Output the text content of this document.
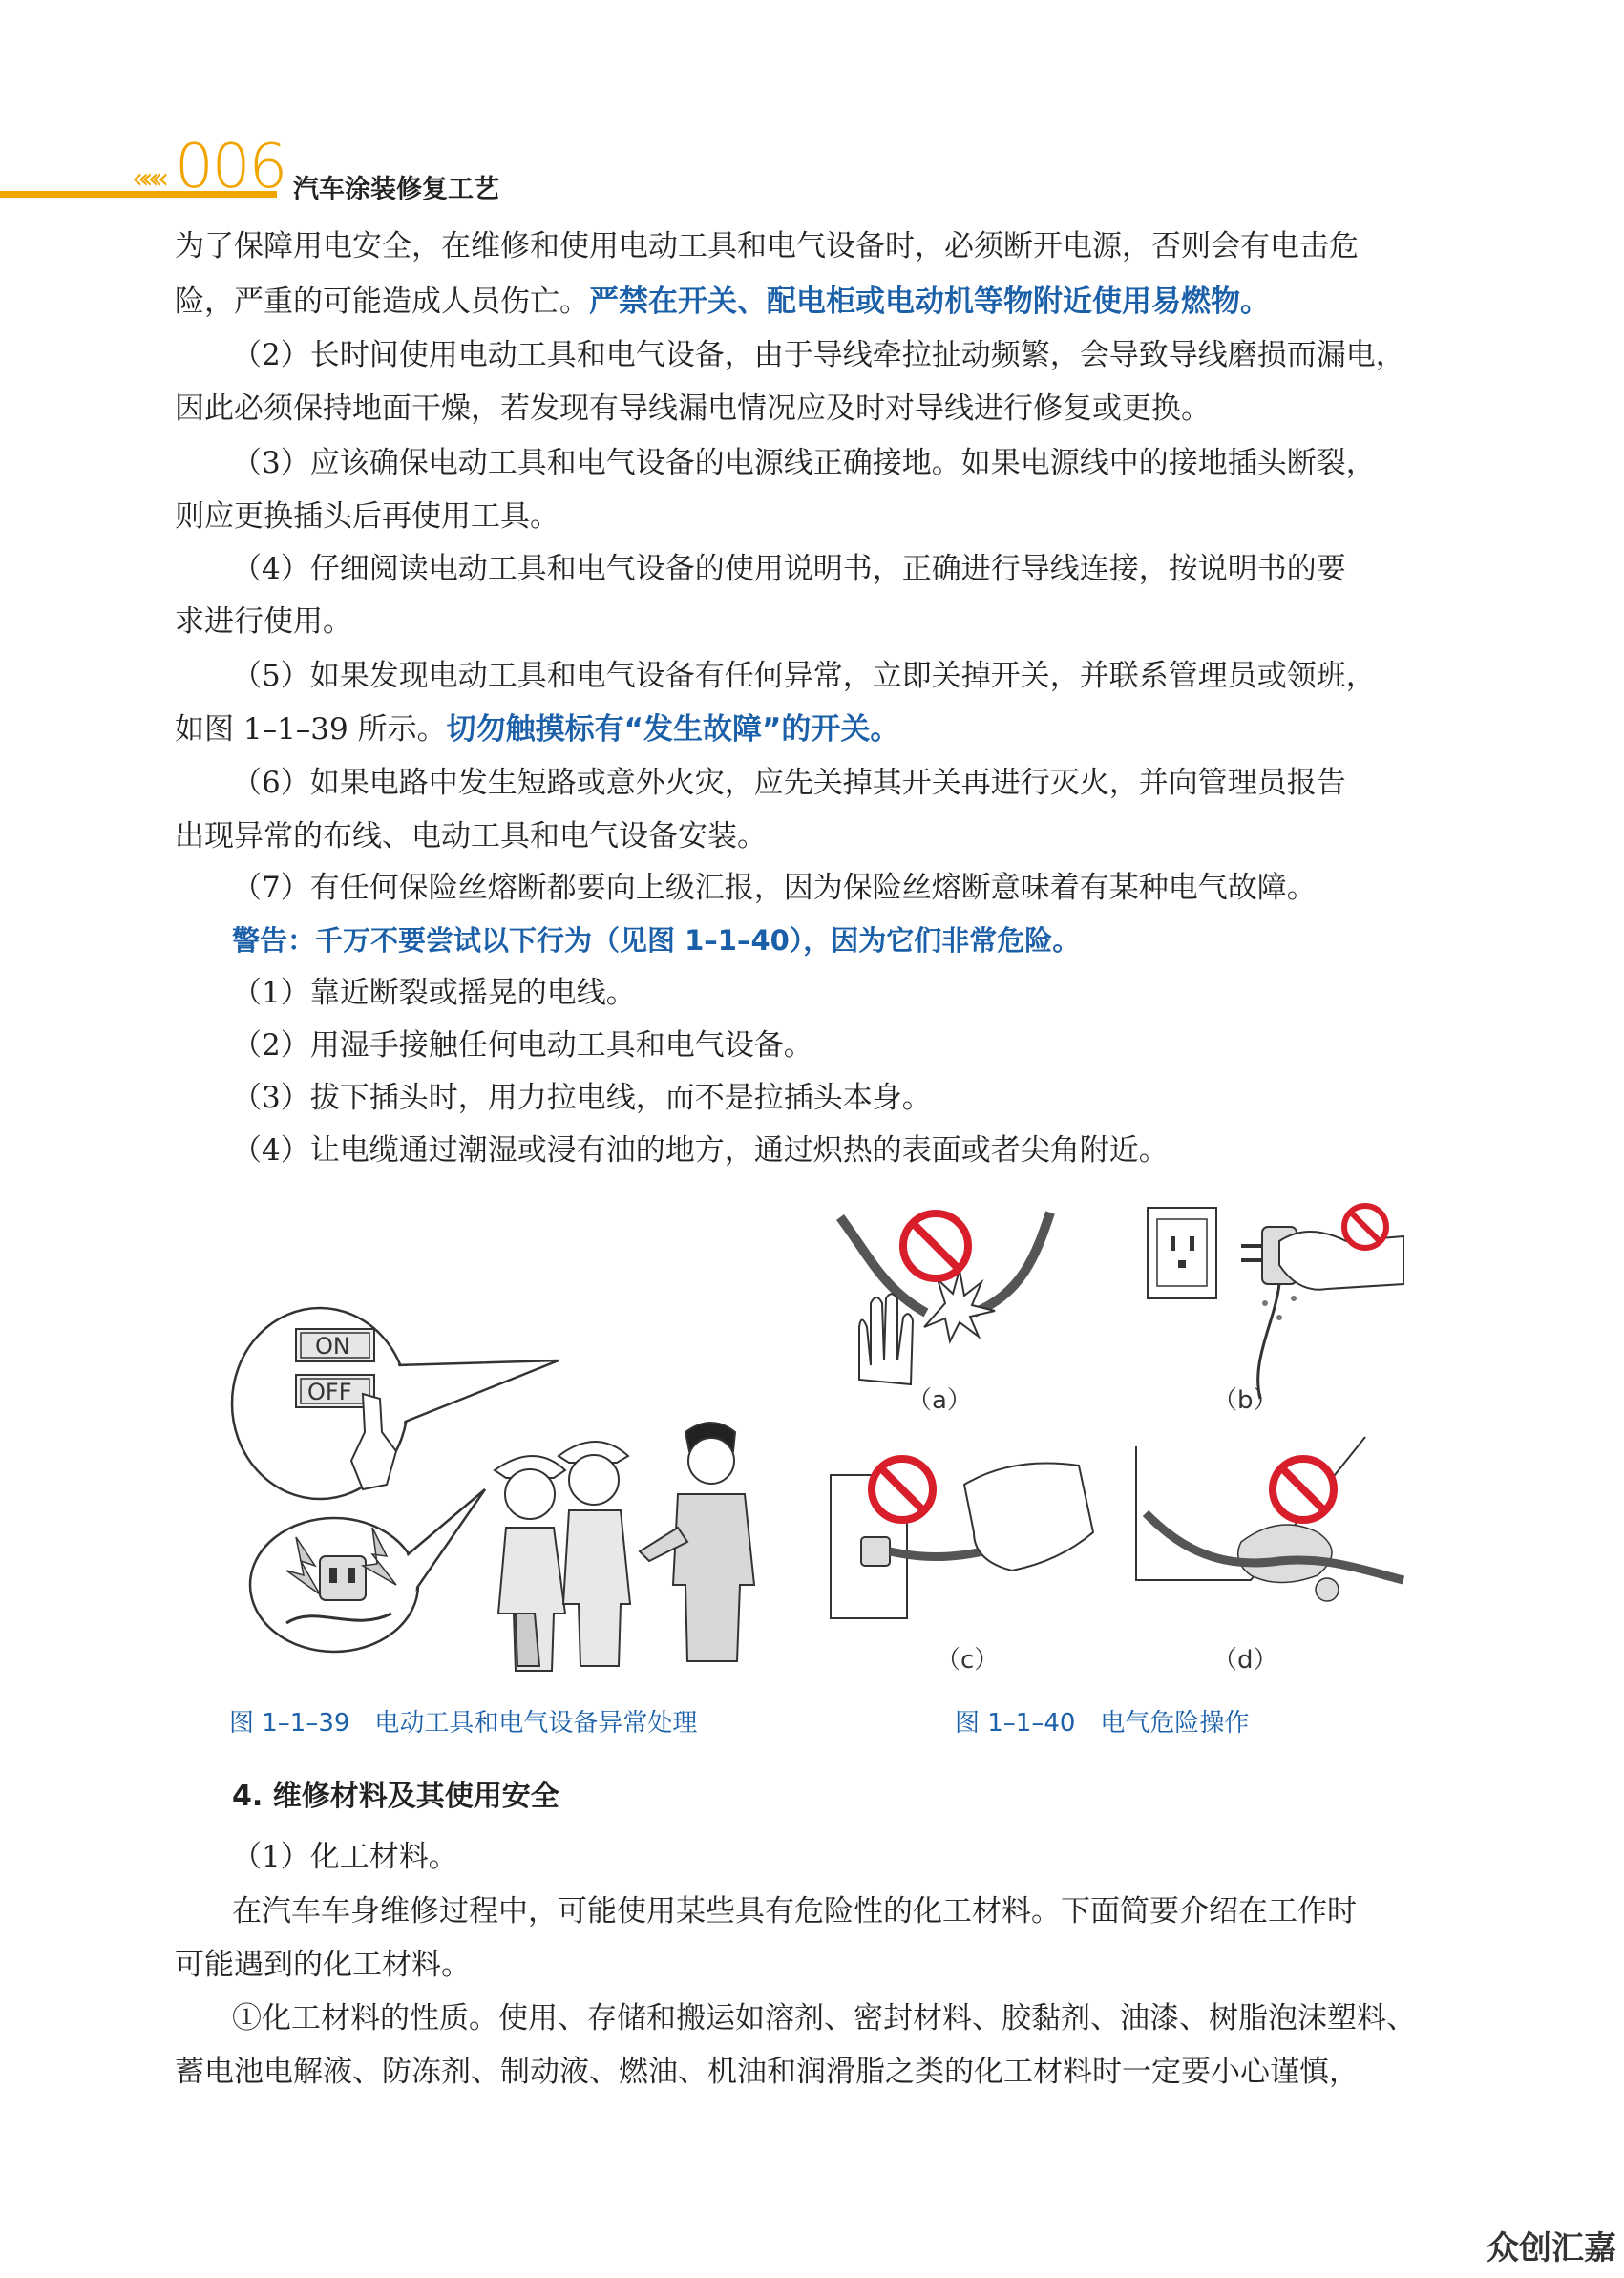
««« 006 汽车涂装修复工艺
为了保障用电安全，在维修和使用电动工具和电气设备时，必须断开电源，否则会有电击危
险，严重的可能造成人员伤亡。严禁在开关、配电柜或电动机等物附近使用易燃物。
（2）长时间使用电动工具和电气设备，由于导线牵拉扯动频繁，会导致导线磨损而漏电，
因此必须保持地面干燥，若发现有导线漏电情况应及时对导线进行修复或更换。
（3）应该确保电动工具和电气设备的电源线正确接地。如果电源线中的接地插头断裂，
则应更换插头后再使用工具。
（4）仔细阅读电动工具和电气设备的使用说明书，正确进行导线连接，按说明书的要
求进行使用。
（5）如果发现电动工具和电气设备有任何异常，立即关掉开关，并联系管理员或领班，
如图 1–1–39 所示。切勿触摸标有“发生故障”的开关。
（6）如果电路中发生短路或意外火灾，应先关掉其开关再进行灭火，并向管理员报告
出现异常的布线、电动工具和电气设备安装。
（7）有任何保险丝熔断都要向上级汇报，因为保险丝熔断意味着有某种电气故障。
警告：千万不要尝试以下行为（见图 1–1–40），因为它们非常危险。
（1）靠近断裂或摇晃的电线。
（2）用湿手接触任何电动工具和电气设备。
（3）拔下插头时，用力拉电线，而不是拉插头本身。
（4）让电缆通过潮湿或浸有油的地方，通过炽热的表面或者尖角附近。
ON
OFF
图 1–1–39　电动工具和电气设备异常处理
（a）	（b）
（c）	（d）
图 1–1–40　电气危险操作
4. 维修材料及其使用安全
（1）化工材料。
在汽车车身维修过程中，可能使用某些具有危险性的化工材料。下面简要介绍在工作时
可能遇到的化工材料。
①化工材料的性质。使用、存储和搬运如溶剂、密封材料、胶黏剂、油漆、树脂泡沫塑料、
蓄电池电解液、防冻剂、制动液、燃油、机油和润滑脂之类的化工材料时一定要小心谨慎，
众创汇嘉
